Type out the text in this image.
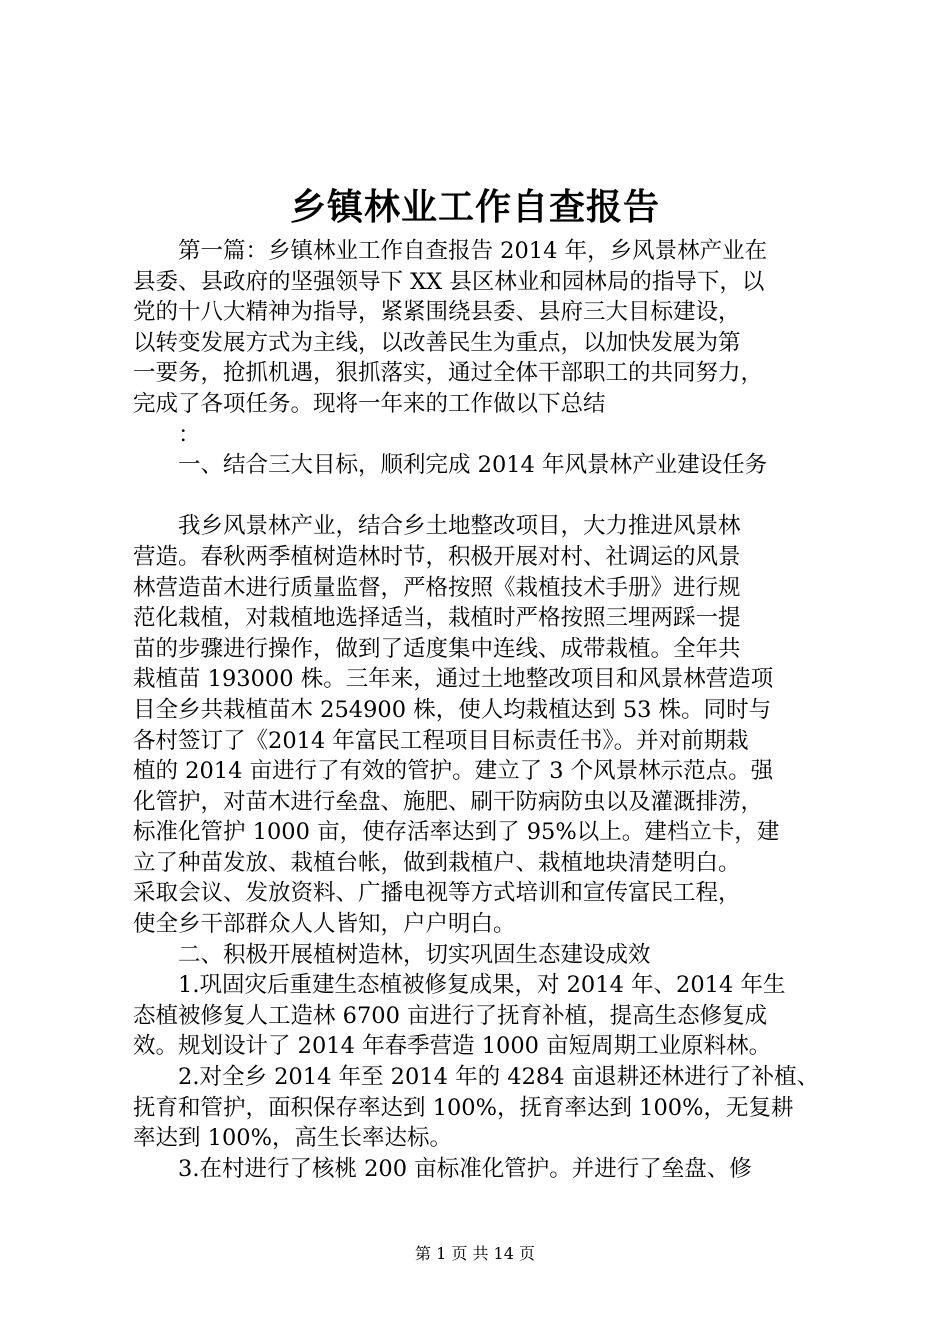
乡镇林业工作自查报告
　　第一篇：乡镇林业工作自查报告 2014 年，乡风景林产业在
县委、县政府的坚强领导下 XX 县区林业和园林局的指导下，以
党的十八大精神为指导，紧紧围绕县委、县府三大目标建设，
以转变发展方式为主线，以改善民生为重点，以加快发展为第
一要务，抢抓机遇，狠抓落实，通过全体干部职工的共同努力，
完成了各项任务。现将一年来的工作做以下总结
　　：
　　一、结合三大目标，顺利完成 2014 年风景林产业建设任务
　　我乡风景林产业，结合乡土地整改项目，大力推进风景林
营造。春秋两季植树造林时节，积极开展对村、社调运的风景
林营造苗木进行质量监督，严格按照《栽植技术手册》进行规
范化栽植，对栽植地选择适当，栽植时严格按照三埋两踩一提
苗的步骤进行操作，做到了适度集中连线、成带栽植。全年共
栽植苗 193000 株。三年来，通过土地整改项目和风景林营造项
目全乡共栽植苗木 254900 株，使人均栽植达到 53 株。同时与
各村签订了《2014 年富民工程项目目标责任书》。并对前期栽
植的 2014 亩进行了有效的管护。建立了 3 个风景林示范点。强
化管护，对苗木进行垒盘、施肥、刷干防病防虫以及灌溉排涝，
标准化管护 1000 亩，使存活率达到了 95%以上。建档立卡，建
立了种苗发放、栽植台帐，做到栽植户、栽植地块清楚明白。
采取会议、发放资料、广播电视等方式培训和宣传富民工程，
使全乡干部群众人人皆知，户户明白。
　　二、积极开展植树造林，切实巩固生态建设成效
　　1.巩固灾后重建生态植被修复成果，对 2014 年、2014 年生
态植被修复人工造林 6700 亩进行了抚育补植，提高生态修复成
效。规划设计了 2014 年春季营造 1000 亩短周期工业原料林。
　　2.对全乡 2014 年至 2014 年的 4284 亩退耕还林进行了补植、
抚育和管护，面积保存率达到 100%，抚育率达到 100%，无复耕
率达到 100%，高生长率达标。
　　3.在村进行了核桃 200 亩标准化管护。并进行了垒盘、修
第 1 页 共 14 页
